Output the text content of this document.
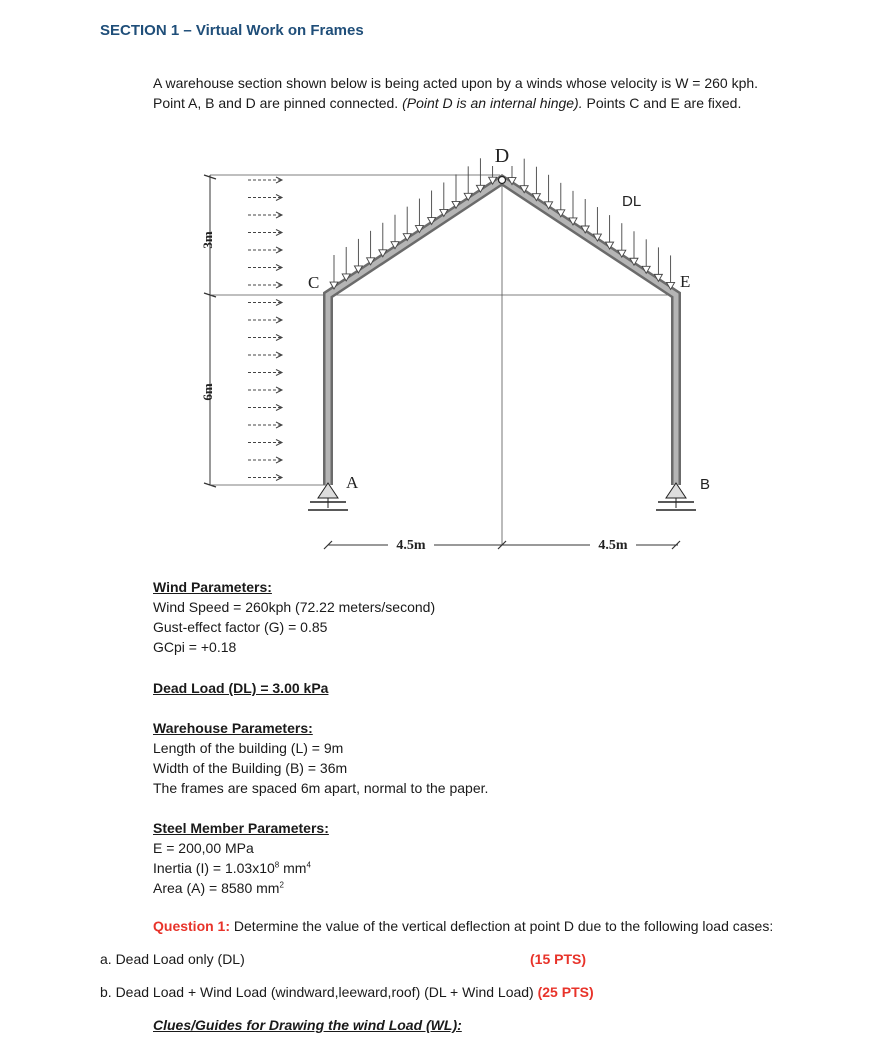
SECTION 1 – Virtual Work on Frames
A warehouse section shown below is being acted upon by a winds whose velocity is W = 260 kph.
Point A, B and D are pinned connected. (Point D is an internal hinge). Points C and E are fixed.
3m
6m
D
C	E
DL
A	B
4.5m	4.5m
Wind Parameters:
Wind Speed = 260kph (72.22 meters/second)
Gust-effect factor (G) = 0.85
GCpi = +0.18
Dead Load (DL) = 3.00 kPa
Warehouse Parameters:
Length of the building (L) = 9m
Width of the Building (B) = 36m
The frames are spaced 6m apart, normal to the paper.
Steel Member Parameters:
E = 200,00 MPa
Inertia $(I) = 1.03x10^8$ $mm^4$
Area (A) = 8580 $mm^2$
Question 1: Determine the value of the vertical deflection at point D due to the following load cases:
a. Dead Load only (DL)	(15 PTS)
b. Dead Load + Wind Load (windward,leeward,roof) (DL + Wind Load) (25 PTS)
Clues/Guides for Drawing the wind Load (WL):
